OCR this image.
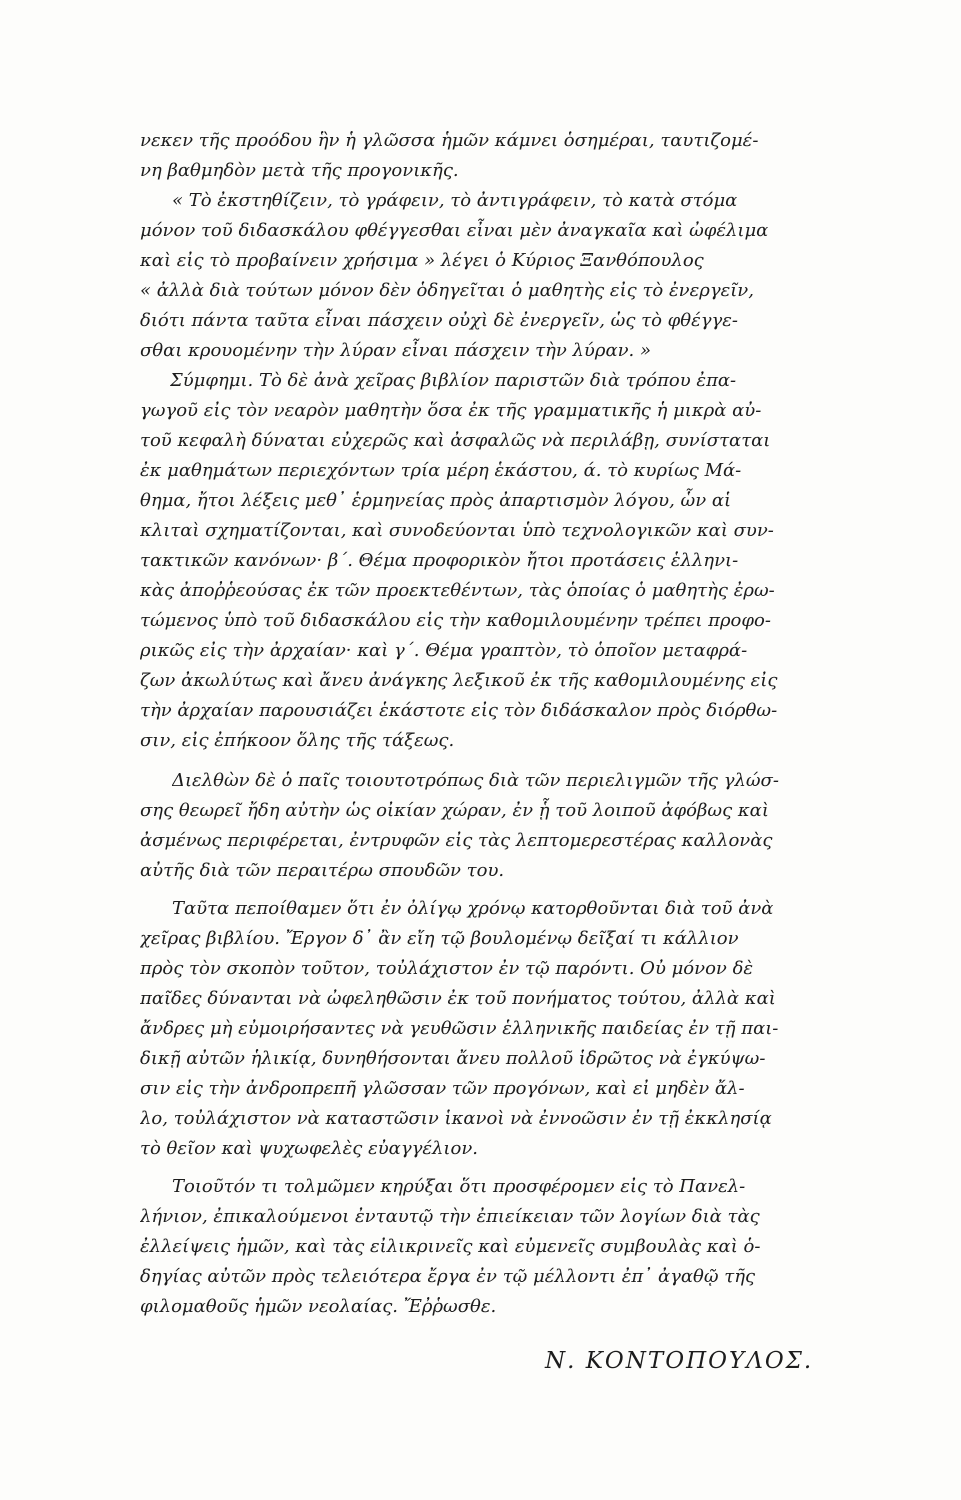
νεκεν τῆς προόδου ἣν ἡ γλῶσσα ἡμῶν κάμνει ὁσημέραι, ταυτιζομέ-
νη βαθμηδὸν μετὰ τῆς προγονικῆς.
« Τὸ ἐκστηθίζειν, τὸ γράφειν, τὸ ἀντιγράφειν, τὸ κατὰ στόμα
μόνον τοῦ διδασκάλου φθέγγεσθαι εἶναι μὲν ἀναγκαῖα καὶ ὠφέλιμα
καὶ εἰς τὸ προβαίνειν χρήσιμα » λέγει ὁ Κύριος Ξανθόπουλος
« ἀλλὰ διὰ τούτων μόνον δὲν ὁδηγεῖται ὁ μαθητὴς εἰς τὸ ἐνεργεῖν,
διότι πάντα ταῦτα εἶναι πάσχειν οὐχὶ δὲ ἐνεργεῖν, ὡς τὸ φθέγγε-
σθαι κρουομένην τὴν λύραν εἶναι πάσχειν τὴν λύραν. »
Σύμφημι. Τὸ δὲ ἀνὰ χεῖρας βιβλίον παριστῶν διὰ τρόπου ἐπα-
γωγοῦ εἰς τὸν νεαρὸν μαθητὴν ὅσα ἐκ τῆς γραμματικῆς ἡ μικρὰ αὐ-
τοῦ κεφαλὴ δύναται εὐχερῶς καὶ ἀσφαλῶς νὰ περιλάβῃ, συνίσταται
ἐκ μαθημάτων περιεχόντων τρία μέρη ἑκάστου, ά. τὸ κυρίως Μά-
θημα, ἤτοι λέξεις μεθ᾿ ἑρμηνείας πρὸς ἀπαρτισμὸν λόγου, ὧν αἱ
κλιταὶ σχηματίζονται, καὶ συνοδεύονται ὑπὸ τεχνολογικῶν καὶ συν-
τακτικῶν κανόνων· β´. Θέμα προφορικὸν ἤτοι προτάσεις ἑλληνι-
κὰς ἀποῤῥεούσας ἐκ τῶν προεκτεθέντων, τὰς ὁποίας ὁ μαθητὴς ἐρω-
τώμενος ὑπὸ τοῦ διδασκάλου εἰς τὴν καθομιλουμένην τρέπει προφο-
ρικῶς εἰς τὴν ἀρχαίαν· καὶ γ´. Θέμα γραπτὸν, τὸ ὁποῖον μεταφρά-
ζων ἀκωλύτως καὶ ἄνευ ἀνάγκης λεξικοῦ ἐκ τῆς καθομιλουμένης εἰς
τὴν ἀρχαίαν παρουσιάζει ἑκάστοτε εἰς τὸν διδάσκαλον πρὸς διόρθω-
σιν, εἰς ἐπήκοον ὅλης τῆς τάξεως.
Διελθὼν δὲ ὁ παῖς τοιουτοτρόπως διὰ τῶν περιελιγμῶν τῆς γλώσ-
σης θεωρεῖ ἤδη αὐτὴν ὡς οἰκίαν χώραν, ἐν ᾗ τοῦ λοιποῦ ἀφόβως καὶ
ἀσμένως περιφέρεται, ἐντρυφῶν εἰς τὰς λεπτομερεστέρας καλλονὰς
αὐτῆς διὰ τῶν περαιτέρω σπουδῶν του.
Ταῦτα πεποίθαμεν ὅτι ἐν ὀλίγῳ χρόνῳ κατορθοῦνται διὰ τοῦ ἀνὰ
χεῖρας βιβλίου. Ἔργον δ᾿ ἂν εἴη τῷ βουλομένῳ δεῖξαί τι κάλλιον
πρὸς τὸν σκοπὸν τοῦτον, τοὐλάχιστον ἐν τῷ παρόντι. Οὐ μόνον δὲ
παῖδες δύνανται νὰ ὠφεληθῶσιν ἐκ τοῦ πονήματος τούτου, ἀλλὰ καὶ
ἄνδρες μὴ εὐμοιρήσαντες νὰ γευθῶσιν ἑλληνικῆς παιδείας ἐν τῇ παι-
δικῇ αὐτῶν ἡλικίᾳ, δυνηθήσονται ἄνευ πολλοῦ ἱδρῶτος νὰ ἐγκύψω-
σιν εἰς τὴν ἀνδροπρεπῆ γλῶσσαν τῶν προγόνων, καὶ εἰ μηδὲν ἄλ-
λο, τοὐλάχιστον νὰ καταστῶσιν ἱκανοὶ νὰ ἐννοῶσιν ἐν τῇ ἐκκλησίᾳ
τὸ θεῖον καὶ ψυχωφελὲς εὐαγγέλιον.
Τοιοῦτόν τι τολμῶμεν κηρύξαι ὅτι προσφέρομεν εἰς τὸ Πανελ-
λήνιον, ἐπικαλούμενοι ἐνταυτῷ τὴν ἐπιείκειαν τῶν λογίων διὰ τὰς
ἐλλείψεις ἡμῶν, καὶ τὰς εἰλικρινεῖς καὶ εὐμενεῖς συμβουλὰς καὶ ὁ-
δηγίας αὐτῶν πρὸς τελειότερα ἔργα ἐν τῷ μέλλοντι ἐπ᾿ ἀγαθῷ τῆς
φιλομαθοῦς ἡμῶν νεολαίας. Ἔῤῥωσθε.
Ν. ΚΟΝΤΟΠΟΥΛΟΣ.
